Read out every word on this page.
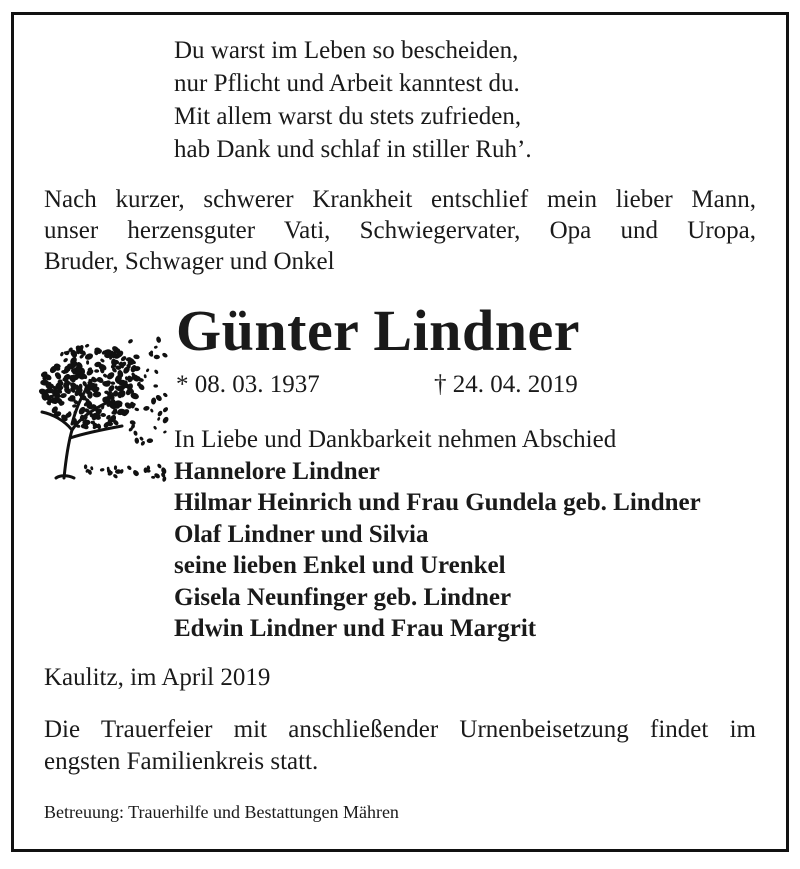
Du warst im Leben so bescheiden,
nur Pflicht und Arbeit kanntest du.
Mit allem warst du stets zufrieden,
hab Dank und schlaf in stiller Ruh’.
Nach kurzer, schwerer Krankheit entschlief mein lieber Mann,
unser herzensguter Vati, Schwiegervater, Opa und Uropa,
Bruder, Schwager und Onkel
Günter Lindner
* 08. 03. 1937	† 24. 04. 2019
In Liebe und Dankbarkeit nehmen Abschied
Hannelore Lindner
Hilmar Heinrich und Frau Gundela geb. Lindner
Olaf Lindner und Silvia
seine lieben Enkel und Urenkel
Gisela Neunfinger geb. Lindner
Edwin Lindner und Frau Margrit
Kaulitz, im April 2019
Die Trauerfeier mit anschließender Urnenbeisetzung findet im
engsten Familienkreis statt.
Betreuung: Trauerhilfe und Bestattungen Mähren
